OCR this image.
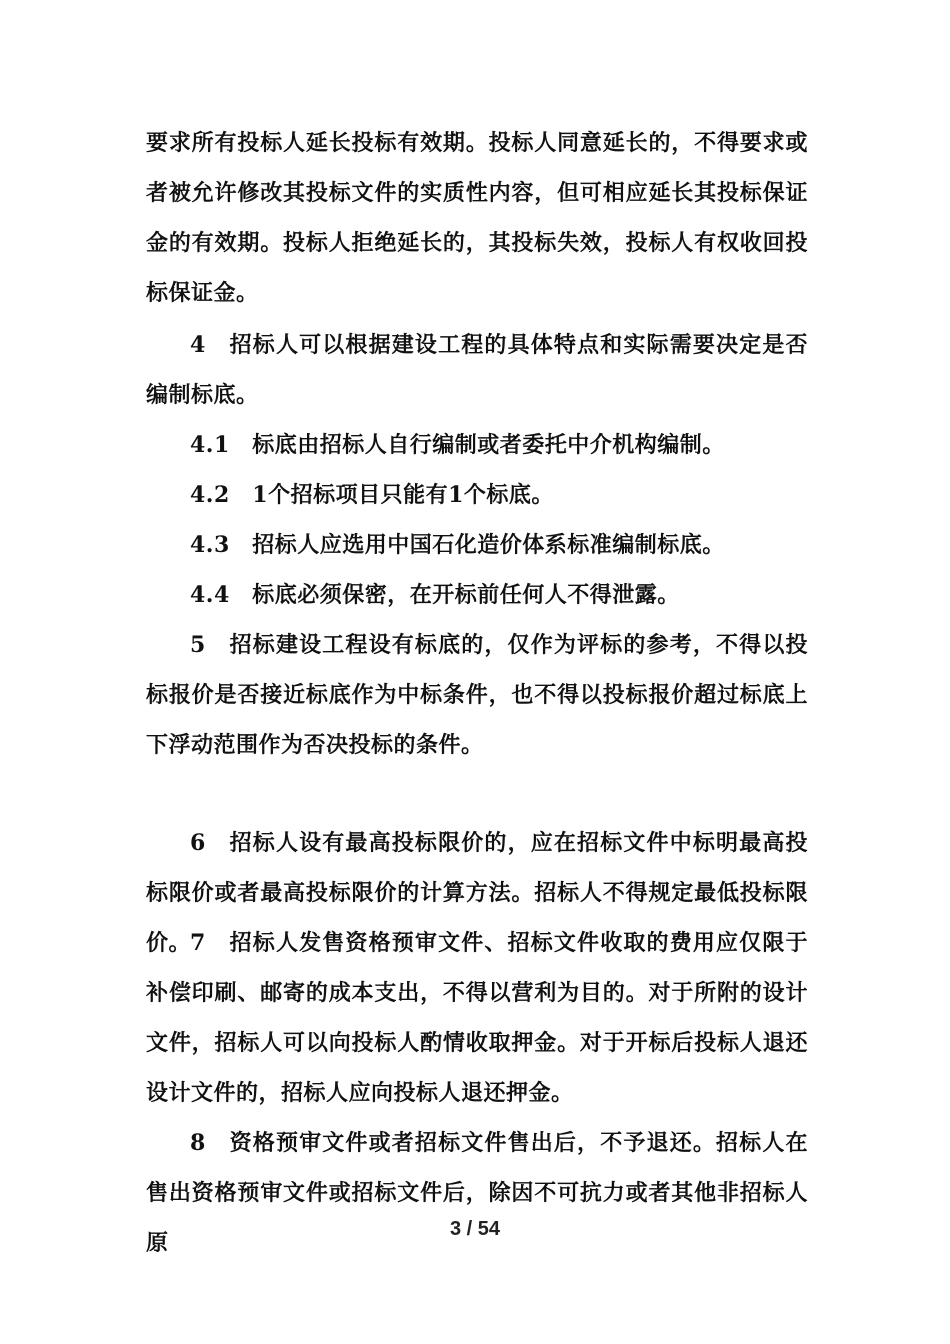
要求所有投标人延长投标有效期。投标人同意延长的，不得要求或者被允许修改其投标文件的实质性内容，但可相应延长其投标保证金的有效期。投标人拒绝延长的，其投标失效，投标人有权收回投标保证金。

4　招标人可以根据建设工程的具体特点和实际需要决定是否编制标底。

4.1　标底由招标人自行编制或者委托中介机构编制。

4.2　1个招标项目只能有1个标底。

4.3　招标人应选用中国石化造价体系标准编制标底。

4.4　标底必须保密，在开标前任何人不得泄露。

5　招标建设工程设有标底的，仅作为评标的参考，不得以投标报价是否接近标底作为中标条件，也不得以投标报价超过标底上下浮动范围作为否决投标的条件。

6　招标人设有最高投标限价的，应在招标文件中标明最高投标限价或者最高投标限价的计算方法。招标人不得规定最低投标限价。

7　招标人发售资格预审文件、招标文件收取的费用应仅限于补偿印刷、邮寄的成本支出，不得以营利为目的。对于所附的设计文件，招标人可以向投标人酌情收取押金。对于开标后投标人退还设计文件的，招标人应向投标人退还押金。

8　资格预审文件或者招标文件售出后，不予退还。招标人在售出资格预审文件或招标文件后，除因不可抗力或者其他非招标人原

3 / 54
